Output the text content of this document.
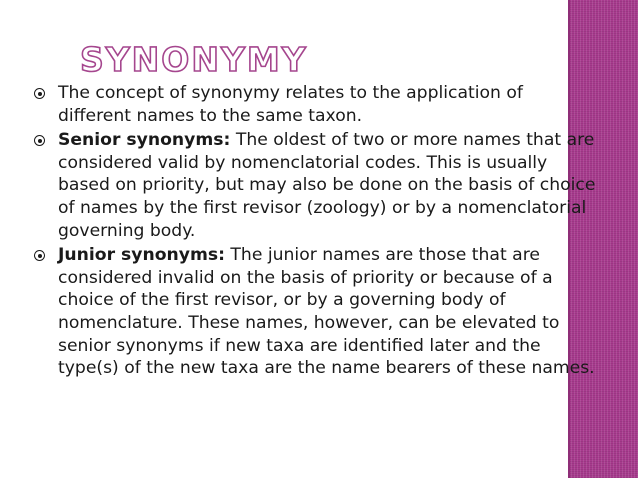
SYNONYMY
The concept of synonymy relates to the application of different names to the same taxon.
Senior synonyms: The oldest of two or more names that are considered valid by nomenclatorial codes. This is usually based on priority, but may also be done on the basis of choice of names by the first revisor (zoology) or by a nomenclatorial governing body.
Junior synonyms: The junior names are those that are considered invalid on the basis of priority or because of a choice of the first revisor, or by a governing body of nomenclature. These names, however, can be elevated to senior synonyms if new taxa are identified later and the type(s) of the new taxa are the name bearers of these names.
